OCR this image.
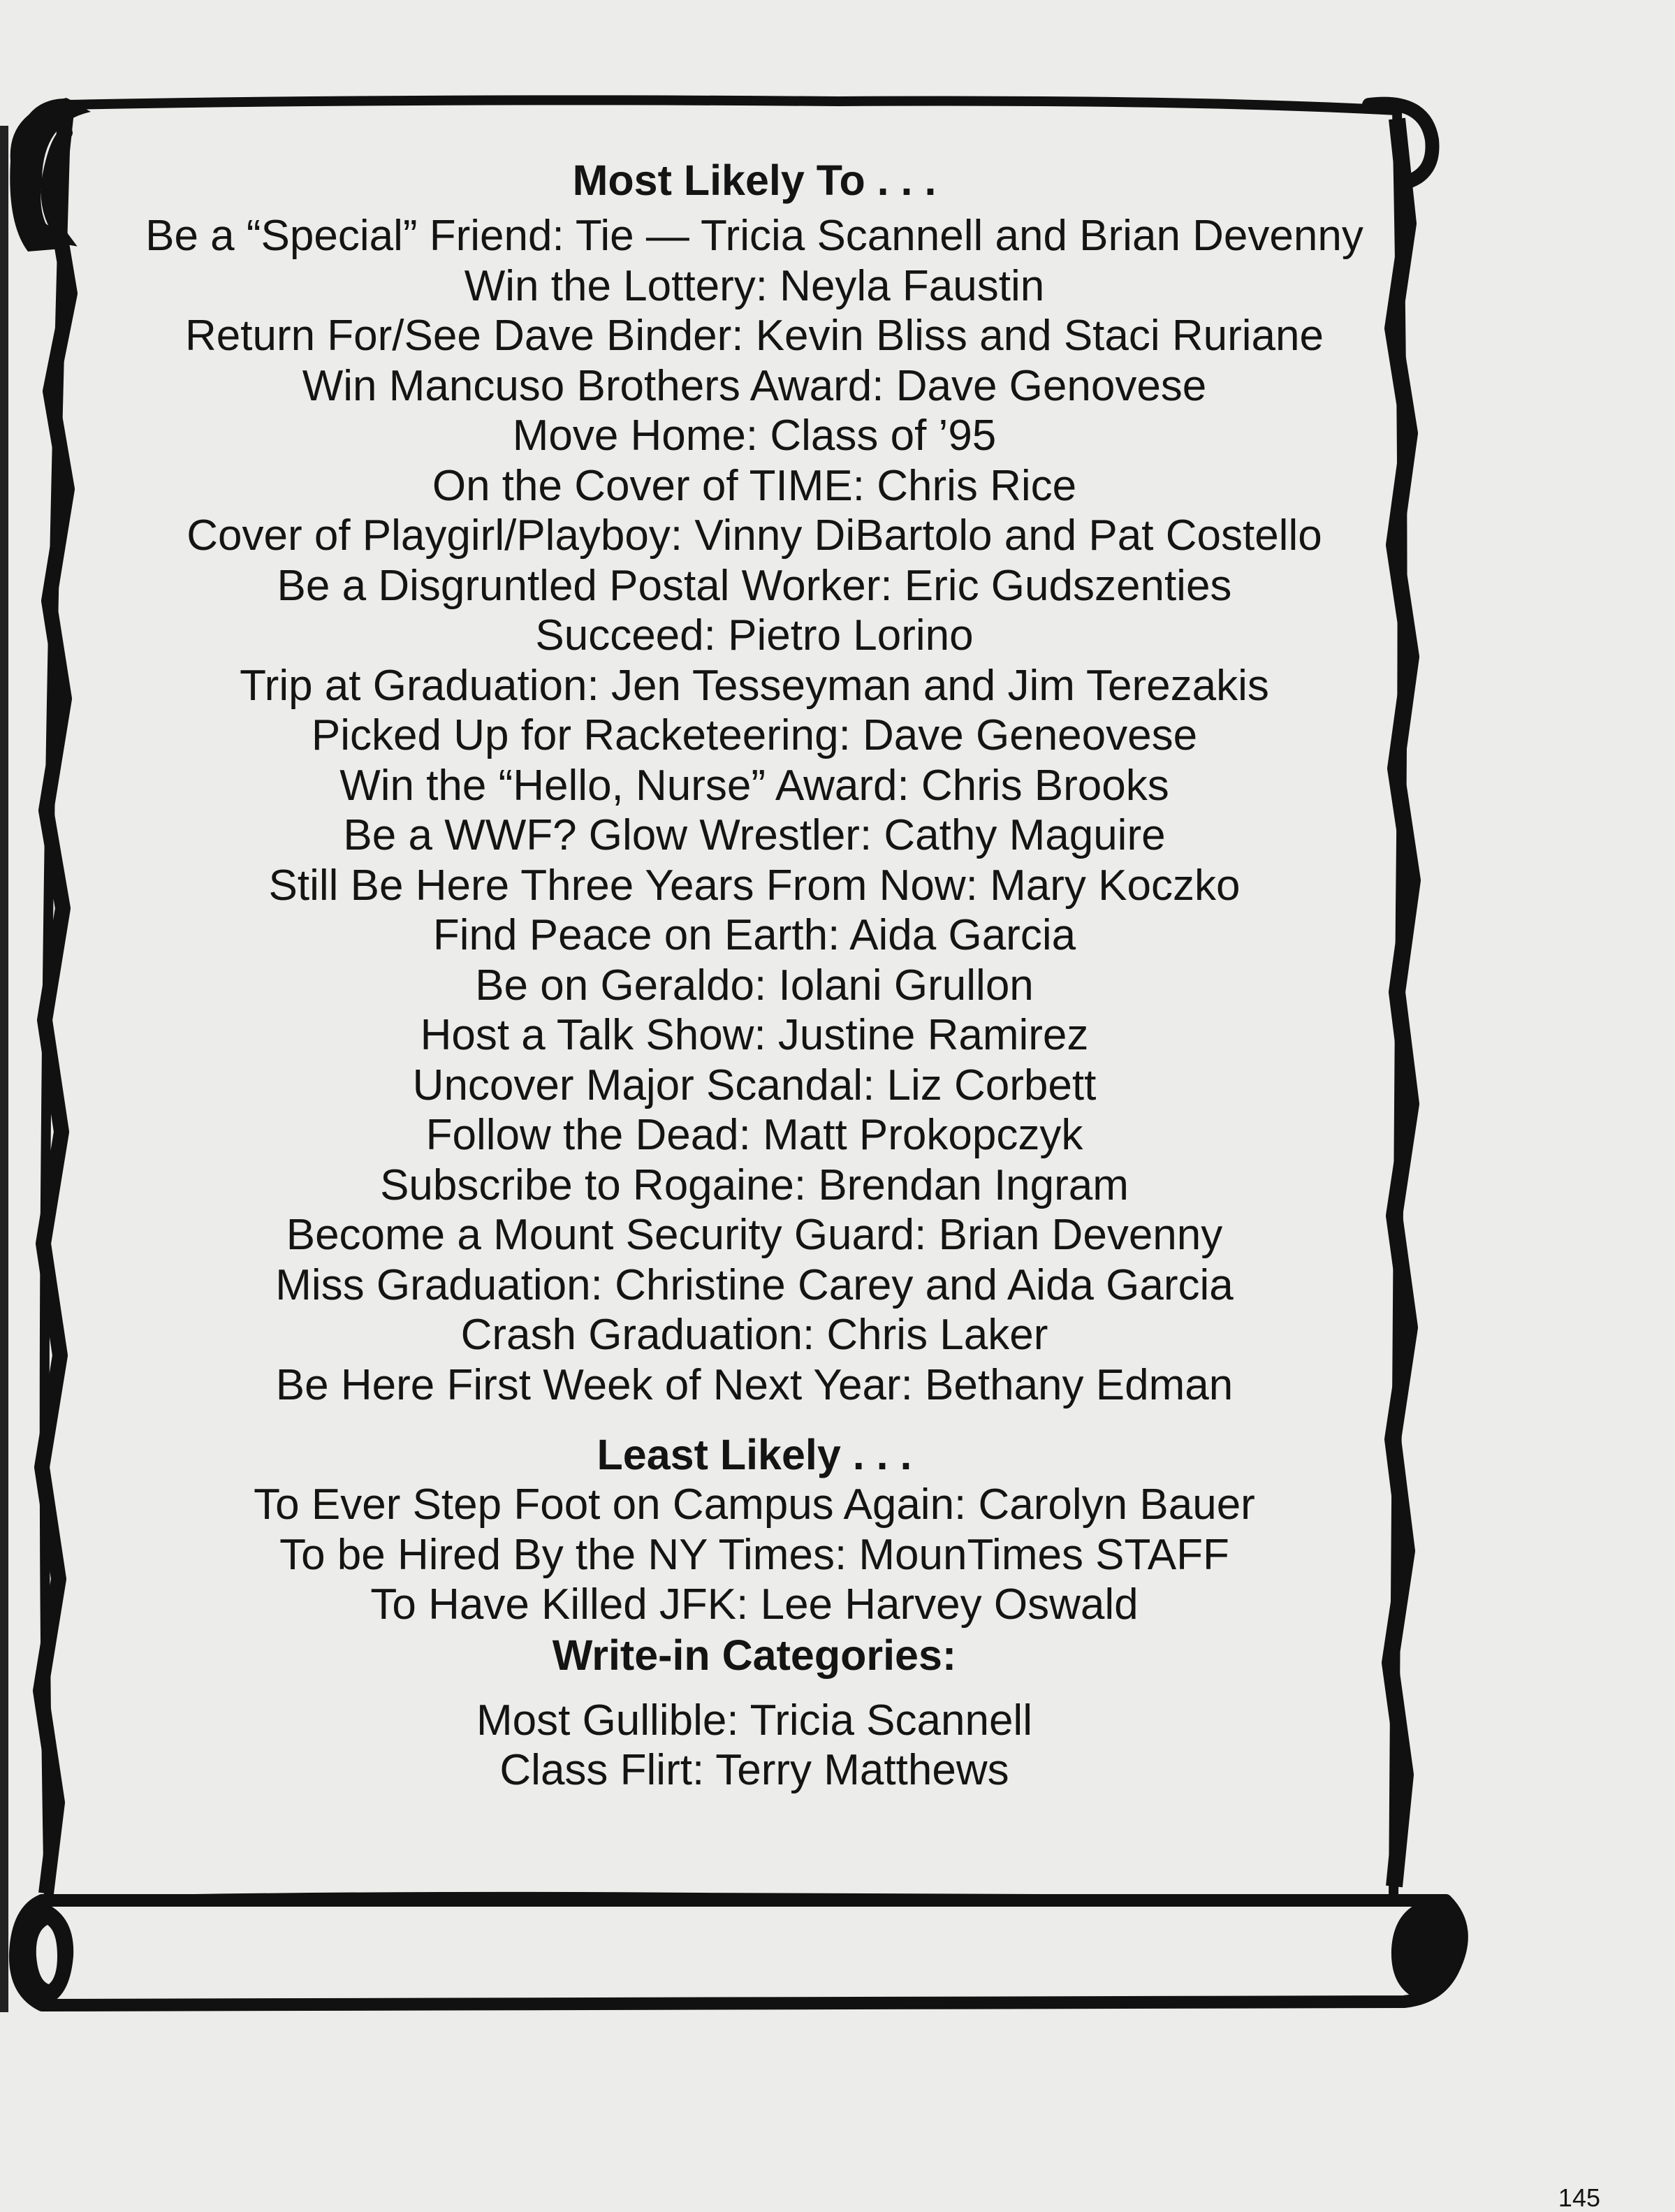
Most Likely To . . .

Be a “Special” Friend: Tie — Tricia Scannell and Brian Devenny

Win the Lottery: Neyla Faustin

Return For/See Dave Binder: Kevin Bliss and Staci Ruriane

Win Mancuso Brothers Award: Dave Genovese

Move Home: Class of ’95

On the Cover of TIME: Chris Rice

Cover of Playgirl/Playboy: Vinny DiBartolo and Pat Costello

Be a Disgruntled Postal Worker: Eric Gudszenties

Succeed: Pietro Lorino

Trip at Graduation: Jen Tesseyman and Jim Terezakis

Picked Up for Racketeering: Dave Geneovese

Win the “Hello, Nurse” Award: Chris Brooks

Be a WWF? Glow Wrestler: Cathy Maguire

Still Be Here Three Years From Now: Mary Koczko

Find Peace on Earth: Aida Garcia

Be on Geraldo: Iolani Grullon

Host a Talk Show: Justine Ramirez

Uncover Major Scandal: Liz Corbett

Follow the Dead: Matt Prokopczyk

Subscribe to Rogaine: Brendan Ingram

Become a Mount Security Guard: Brian Devenny

Miss Graduation: Christine Carey and Aida Garcia

Crash Graduation: Chris Laker

Be Here First Week of Next Year: Bethany Edman

Least Likely . . .

To Ever Step Foot on Campus Again: Carolyn Bauer

To be Hired By the NY Times: MounTimes STAFF

To Have Killed JFK: Lee Harvey Oswald

Write-in Categories:

Most Gullible: Tricia Scannell

Class Flirt: Terry Matthews

145
